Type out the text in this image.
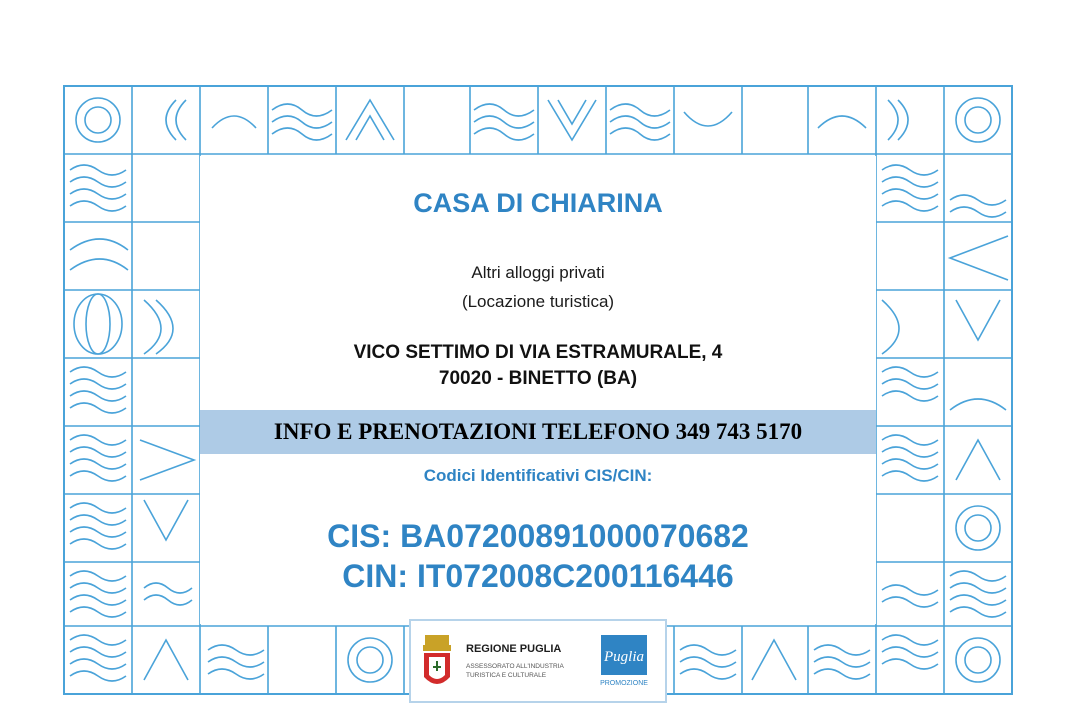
CASA DI CHIARINA
Altri alloggi privati
(Locazione turistica)
VICO SETTIMO DI VIA ESTRAMURALE, 4
70020 - BINETTO (BA)
INFO E PRENOTAZIONI TELEFONO 349 743 5170
Codici Identificativi CIS/CIN:
CIS: BA07200891000070682
CIN: IT072008C200116446
REGIONE PUGLIA
ASSESSORATO ALL'INDUSTRIA
TURISTICA E CULTURALE
Puglia
PROMOZIONE
